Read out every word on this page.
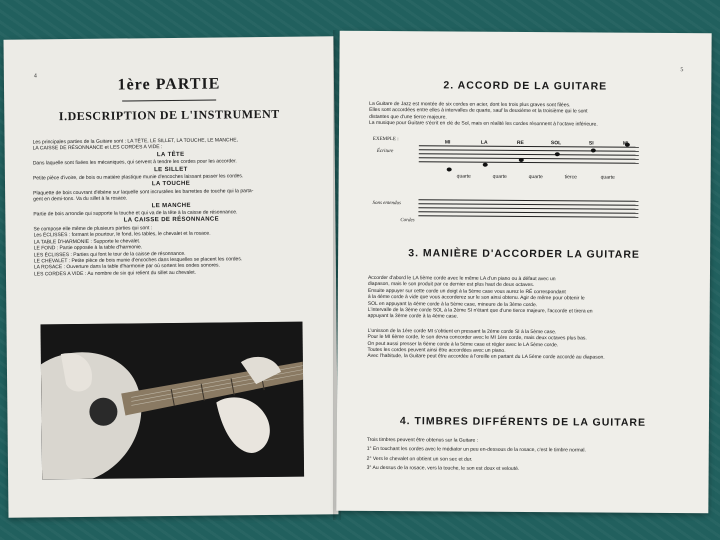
4	1ère PARTIE
I.DESCRIPTION DE L'INSTRUMENT
Les principales parties de la Guitare sont : LA TÊTE, LE SILLET, LA TOUCHE, LE MANCHE,
LA CAISSE DE RÉSONNANCE et LES CORDES A VIDE :
LA TÊTE
Dans laquelle sont fixées les mécaniques, qui servent à tendre les cordes pour les accorder.
LE SILLET
Petite pièce d'ivoire, de bois ou matière plastique munie d'encoches laissant passer les cordes.
LA TOUCHE
Plaquette de bois couvrant d'ébène sur laquelle sont incrustées les barrettes de touche qui la parta-
gent en demi-tons. Va du sillet à la rosace.
LE MANCHE
Partie de bois arrondie qui supporte la touche et qui va de la tête à la caisse de résonnance.
LA CAISSE DE RÉSONNANCE
Se compose elle même de plusieurs parties qui sont :
Les ÉCLISSES : formant le pourtour, le fond, les tables, le chevalet et la rosace.
LA TABLE D'HARMONIE : Supporte le chevalet.
LE FOND : Partie opposée à la table d'harmonie.
LES ÉCLISSES : Parties qui font le tour de la caisse de résonnance.
LE CHEVALET : Petite pièce de bois munie d'encoches dans lesquelles se placent les cordes.
LA ROSACE : Ouverture dans la table d'harmonie par où sortent les ondes sonores.
LES CORDES A VIDE : Au nombre de six qui relient du sillet au chevalet.
5
2. ACCORD DE LA GUITARE
La Guitare de Jazz est montée de six cordes en acier, dont les trois plus graves sont filées.
Elles sont accordées entre elles à intervalles de quarte, sauf la deuxième et la troisième qui le sont
distantes que d'une tierce majeure.
La musique pour Guitare s'écrit en clé de Sol, mais en réalité les cordes résonnent à l'octave inférieure.
EXEMPLE :
Écriture
MI	LA	RE	SOL	SI	MI
quarte	quarte	quarte	tierce	quarte
Sons entendus
Cordes
3. MANIÈRE D'ACCORDER LA GUITARE
Accorder d'abord le LA 5ème corde avec le même LA d'un piano ou à défaut avec un
diapason, mais le son produit par ce dernier est plus haut de deux octaves.
Ensuite appuyer sur cette corde un doigt à la 5ème case vous aurez le RÉ correspondant
à la 4ème corde à vide que vous accorderez sur le son ainsi obtenu. Agir de même pour obtenir le
SOL en appuyant la 4ème corde à la 5ème case, mineure de la 3ème corde.
L'intervalle de la 3ème corde SOL à la 2ème SI n'étant que d'une tierce majeure, l'accorde et tirera en
appuyant la 3ème corde à la 4ème case.
L'unisson de la 1ère corde MI s'obtient en pressant la 2ème corde SI à la 5ème case.
Pour le MI 6ème corde, le son devra concorder avec le MI 1ère corde, mais deux octaves plus bas.
On peut aussi presser la 6ème corde à la 5ème case et régler avec le LA 5ème corde.
Toutes les cordes peuvent ainsi être accordées avec un piano.
Avec l'habitude, la Guitare peut être accordée à l'oreille en partant du LA 5ème corde accordé au diapason.
4. TIMBRES DIFFÉRENTS DE LA GUITARE
Trois timbres peuvent être obtenus sur la Guitare :
1° En touchant les cordes avec le médiator un peu en-dessous de la rosace, c'est le timbre normal.
2° Vers le chevalet on obtient un son sec et dur.
3° Au dessus de la rosace, vers la touche, le son est doux et velouté.
